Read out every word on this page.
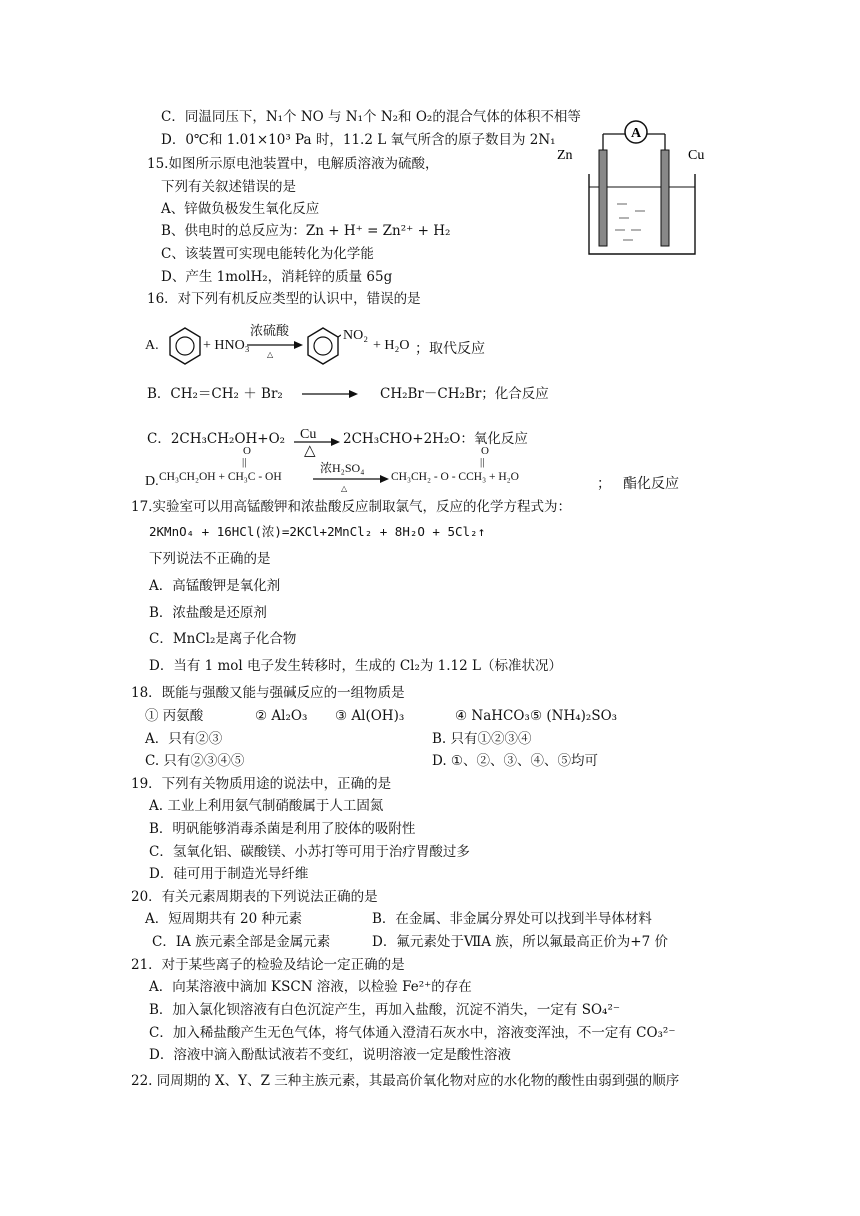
C．同温同压下，N₁个 NO 与 N₁个 N₂和 O₂的混合气体的体积不相等
D．0℃和 1.01×10³ Pa 时，11.2 L 氧气所含的原子数目为 2N₁	A
Zn	Cu
15.如图所示原电池装置中，电解质溶液为硫酸，
下列有关叙述错误的是
A、锌做负极发生氧化反应
B、供电时的总反应为：Zn + H⁺ = Zn²⁺ + H₂
C、该装置可实现电能转化为化学能
D、产生 1molH₂，消耗锌的质量 65g
16．对下列有机反应类型的认识中，错误的是
A.	+ HNO₃
浓硫酸
△
NO₂
+ H₂O ；取代反应
B．CH₂＝CH₂ ＋ Br₂	CH₂Br－CH₂Br；化合反应
C．2CH₃CH₂OH+O₂ Cu
△
2CH₃CHO+2H₂O：氧化反应
O
||
O
||
D. CH₃CH₂OH + CH₃C - OH
浓H₂SO₄
△
CH₃CH₂ - O - CCH₃ + H₂O	； 酯化反应
17.实验室可以用高锰酸钾和浓盐酸反应制取氯气，反应的化学方程式为：
2KMnO₄ + 16HCl(浓)=2KCl+2MnCl₂ + 8H₂O + 5Cl₂↑
下列说法不正确的是
A．高锰酸钾是氧化剂
B．浓盐酸是还原剂
C．MnCl₂是离子化合物
D．当有 1 mol 电子发生转移时，生成的 Cl₂为 1.12 L（标准状况）
18．既能与强酸又能与强碱反应的一组物质是
① 丙氨酸	② Al₂O₃ ③ Al(OH)₃	④ NaHCO₃ ⑤ (NH₄)₂SO₃
A．只有②③	B. 只有①②③④
C. 只有②③④⑤	D. ①、②、③、④、⑤均可
19．下列有关物质用途的说法中，正确的是
A. 工业上利用氨气制硝酸属于人工固氮
B．明矾能够消毒杀菌是利用了胶体的吸附性
C．氢氧化铝、碳酸镁、小苏打等可用于治疗胃酸过多
D．硅可用于制造光导纤维
20．有关元素周期表的下列说法正确的是
A．短周期共有 20 种元素	B．在金属、非金属分界处可以找到半导体材料
C．ⅠA 族元素全部是金属元素	D．氟元素处于ⅦA 族，所以氟最高正价为+7 价
21．对于某些离子的检验及结论一定正确的是
A．向某溶液中滴加 KSCN 溶液，以检验 Fe²⁺的存在
B．加入氯化钡溶液有白色沉淀产生，再加入盐酸，沉淀不消失，一定有 SO₄²⁻
C．加入稀盐酸产生无色气体，将气体通入澄清石灰水中，溶液变浑浊，不一定有 CO₃²⁻
D．溶液中滴入酚酞试液若不变红，说明溶液一定是酸性溶液
22. 同周期的 X、Y、Z 三种主族元素，其最高价氧化物对应的水化物的酸性由弱到强的顺序
